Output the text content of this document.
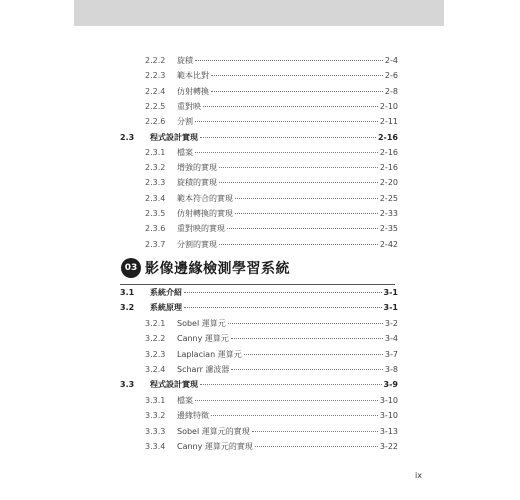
2.2.2	旋積	2-4
2.2.3	範本比對	2-6
2.2.4	仿射轉換	2-8
2.2.5	重對映	2-10
2.2.6	分割	2-11
2.3	程式設計實現	2-16
2.3.1	檔案	2-16
2.3.2	增強的實現	2-16
2.3.3	旋積的實現	2-20
2.3.4	範本符合的實現	2-25
2.3.5	仿射轉換的實現	2-33
2.3.6	重對映的實現	2-35
2.3.7	分割的實現	2-42
03 影像邊緣檢測學習系統
3.1	系統介紹	3-1
3.2	系統原理	3-1
3.2.1	Sobel 運算元	3-2
3.2.2	Canny 運算元	3-4
3.2.3	Laplacian 運算元	3-7
3.2.4	Scharr 濾波器	3-8
3.3	程式設計實現	3-9
3.3.1	檔案	3-10
3.3.2	邊緣特徵	3-10
3.3.3	Sobel 運算元的實現	3-13
3.3.4	Canny 運算元的實現	3-22
ix
